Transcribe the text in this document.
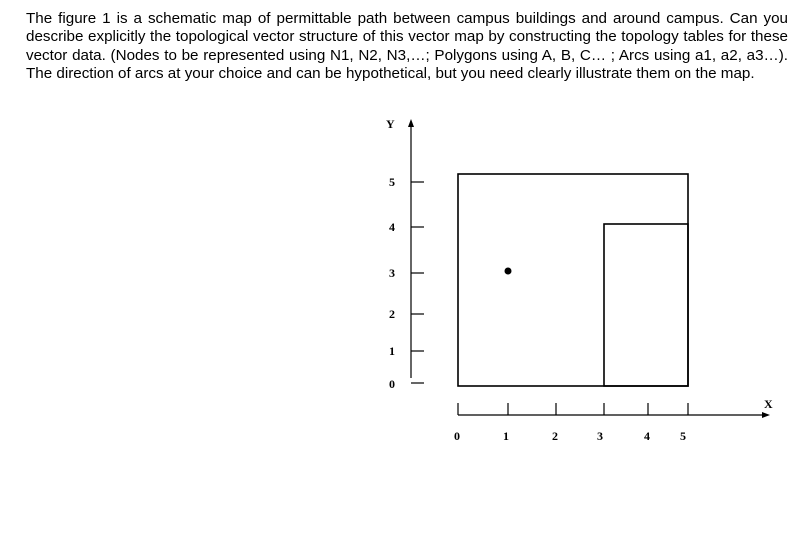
The figure 1 is a schematic map of permittable path between campus buildings and around campus. Can you describe explicitly the topological vector structure of this vector map by constructing the topology tables for these vector data. (Nodes to be represented using N1, N2, N3,…; Polygons using A, B, C… ; Arcs using a1, a2, a3…). The direction of arcs at your choice and can be hypothetical, but you need clearly illustrate them on the map.

Y
5
4
3
2
1
0
X
0	1	2	3	4	5
